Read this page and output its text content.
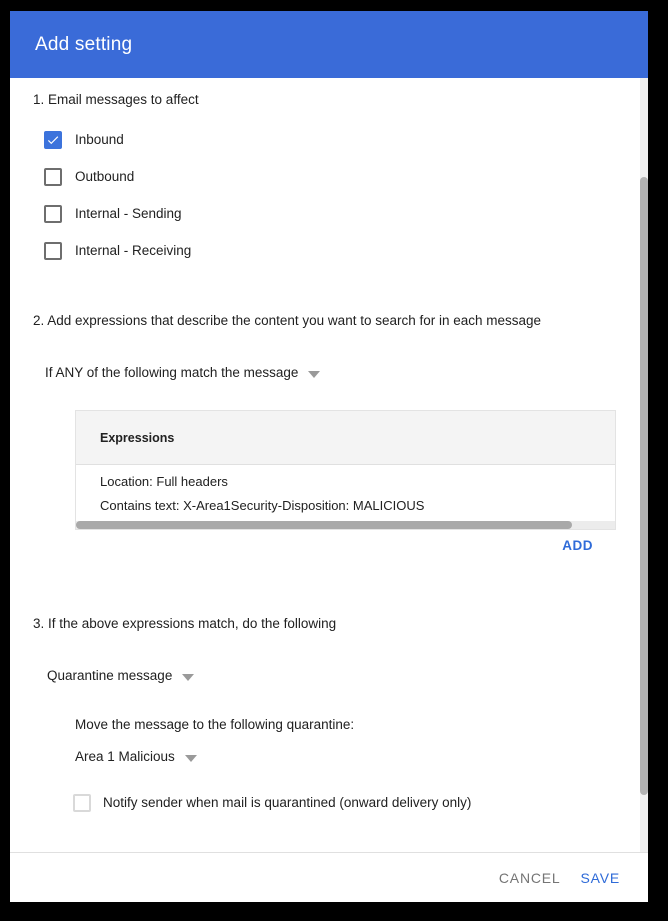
Add setting
1. Email messages to affect
Inbound
Outbound
Internal - Sending
Internal - Receiving
2. Add expressions that describe the content you want to search for in each message
If ANY of the following match the message
Expressions
Location: Full headers
Contains text: X-Area1Security-Disposition: MALICIOUS
ADD
3. If the above expressions match, do the following
Quarantine message
Move the message to the following quarantine:
Area 1 Malicious
Notify sender when mail is quarantined (onward delivery only)
CANCEL SAVE
